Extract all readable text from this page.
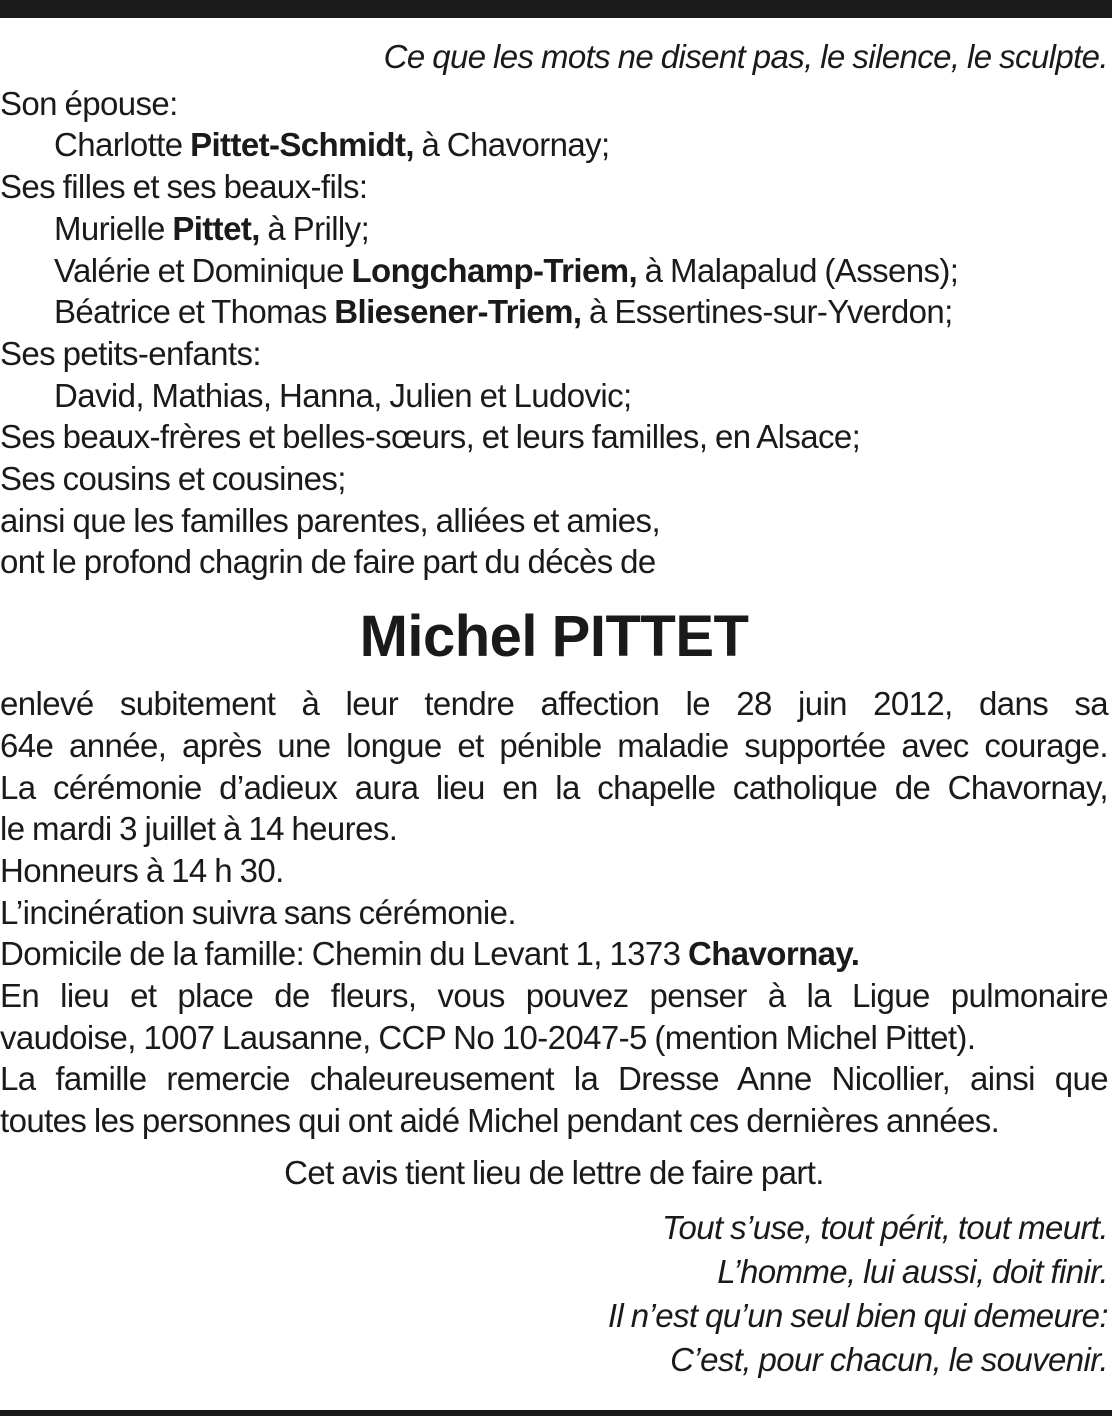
Ce que les mots ne disent pas, le silence, le sculpte.

Son épouse:

Charlotte Pittet-Schmidt, à Chavornay;

Ses filles et ses beaux-fils:

Murielle Pittet, à Prilly;

Valérie et Dominique Longchamp-Triem, à Malapalud (Assens);

Béatrice et Thomas Bliesener-Triem, à Essertines-sur-Yverdon;

Ses petits-enfants:

David, Mathias, Hanna, Julien et Ludovic;

Ses beaux-frères et belles-sœurs, et leurs familles, en Alsace;

Ses cousins et cousines;

ainsi que les familles parentes, alliées et amies,

ont le profond chagrin de faire part du décès de

Michel PITTET

enlevé subitement à leur tendre affection le 28 juin 2012, dans sa

64e année, après une longue et pénible maladie supportée avec courage.

La cérémonie d’adieux aura lieu en la chapelle catholique de Chavornay,

le mardi 3 juillet à 14 heures.

Honneurs à 14 h 30.

L’incinération suivra sans cérémonie.

Domicile de la famille: Chemin du Levant 1, 1373 Chavornay.

En lieu et place de fleurs, vous pouvez penser à la Ligue pulmonaire

vaudoise, 1007 Lausanne, CCP No 10-2047-5 (mention Michel Pittet).

La famille remercie chaleureusement la Dresse Anne Nicollier, ainsi que

toutes les personnes qui ont aidé Michel pendant ces dernières années.

Cet avis tient lieu de lettre de faire part.

Tout s’use, tout périt, tout meurt.

L’homme, lui aussi, doit finir.

Il n’est qu’un seul bien qui demeure:

C’est, pour chacun, le souvenir.
